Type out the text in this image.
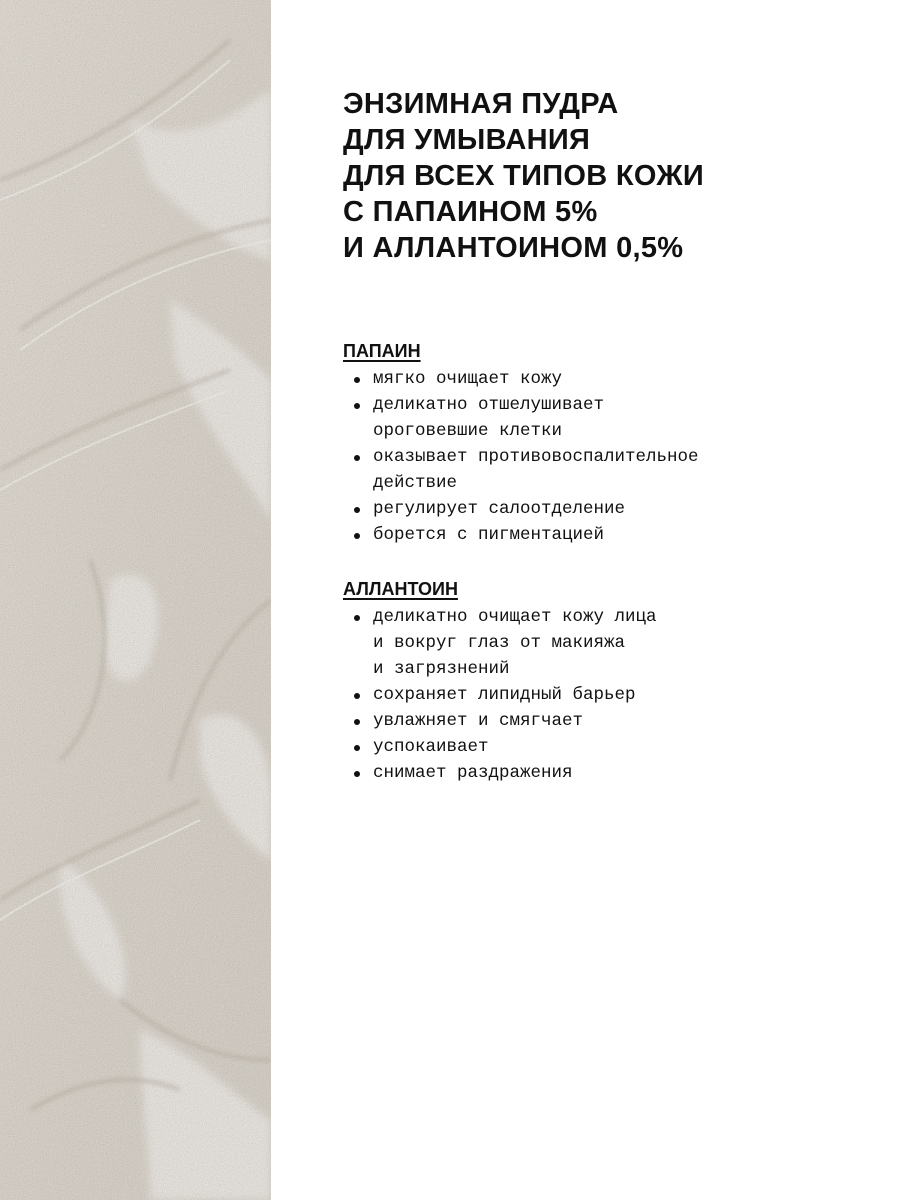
ЭНЗИМНАЯ ПУДРА
ДЛЯ УМЫВАНИЯ
ДЛЯ ВСЕХ ТИПОВ КОЖИ
С ПАПАИНОМ 5%
И АЛЛАНТОИНОМ 0,5%
ПАПАИН
мягко очищает кожу
деликатно отшелушивает
ороговевшие клетки
оказывает противовоспалительное
действие
регулирует салоотделение
борется с пигментацией
АЛЛАНТОИН
деликатно очищает кожу лица
и вокруг глаз от макияжа
и загрязнений
сохраняет липидный барьер
увлажняет и смягчает
успокаивает
снимает раздражения
